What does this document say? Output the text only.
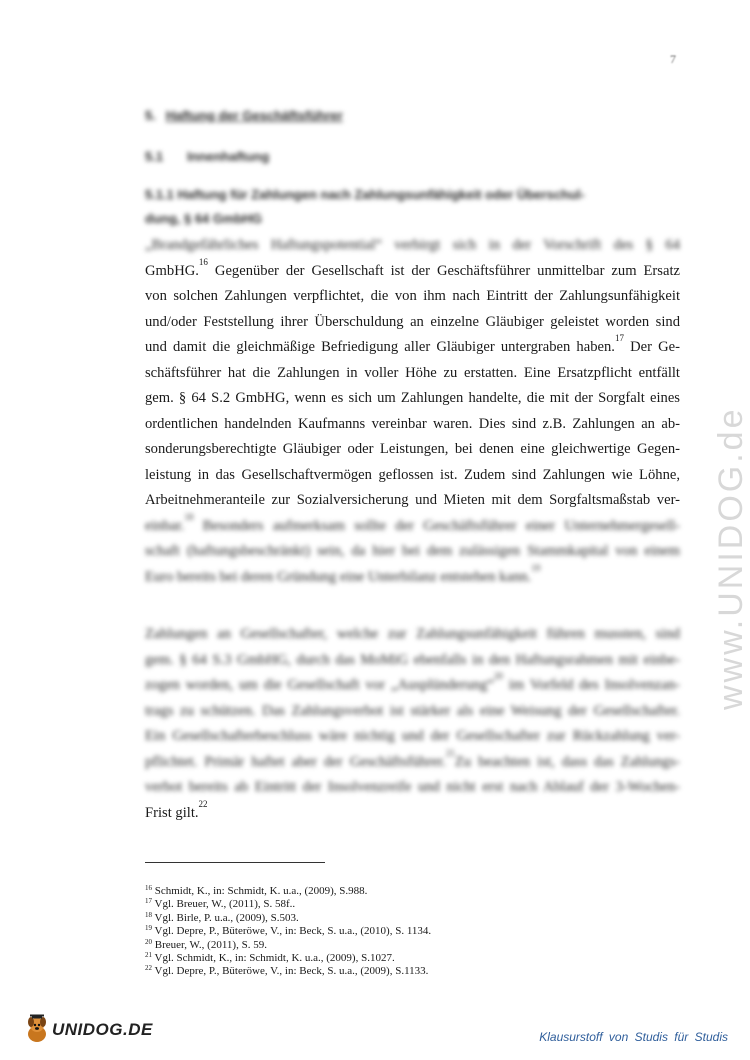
7
www.UNIDOG.de
5. Haftung der Geschäftsführer
5.1 Innenhaftung
5.1.1 Haftung für Zahlungen nach Zahlungsunfähigkeit oder Überschul-
dung, § 64 GmbHG
„Brandgefährliches Haftungspotential“ verbirgt sich in der Vorschrift des § 64
GmbHG.$^{16}$ Gegenüber der Gesellschaft ist der Geschäftsführer unmittelbar zum Ersatz
von solchen Zahlungen verpflichtet, die von ihm nach Eintritt der Zahlungsunfähigkeit
und/oder Feststellung ihrer Überschuldung an einzelne Gläubiger geleistet worden sind
und damit die gleichmäßige Befriedigung aller Gläubiger untergraben haben.$^{17}$ Der Ge-
schäftsführer hat die Zahlungen in voller Höhe zu erstatten. Eine Ersatzpflicht entfällt
gem. § 64 S.2 GmbHG, wenn es sich um Zahlungen handelte, die mit der Sorgfalt eines
ordentlichen handelnden Kaufmanns vereinbar waren. Dies sind z.B. Zahlungen an ab-
sonderungsberechtigte Gläubiger oder Leistungen, bei denen eine gleichwertige Gegen-
leistung in das Gesellschaftvermögen geflossen ist. Zudem sind Zahlungen wie Löhne,
Arbeitnehmeranteile zur Sozialversicherung und Mieten mit dem Sorgfaltsmaßstab ver-
einbar.$^{18}$ Besonders aufmerksam sollte der Geschäftsführer einer Unternehmergesell-
schaft (haftungsbeschränkt) sein, da hier bei dem zulässigen Stammkapital von einem
Euro bereits bei deren Gründung eine Unterbilanz entstehen kann.$^{19}$
Zahlungen an Gesellschafter, welche zur Zahlungsunfähigkeit führen mussten, sind
gem. § 64 S.3 GmbHG, durch das MoMiG ebenfalls in den Haftungsrahmen mit einbe-
zogen worden, um die Gesellschaft vor „Ausplünderung“$^{20}$ im Vorfeld des Insolvenzan-
trags zu schützen. Das Zahlungsverbot ist stärker als eine Weisung der Gesellschafter.
Ein Gesellschafterbeschluss wäre nichtig und der Gesellschafter zur Rückzahlung ver-
pflichtet. Primär haftet aber der Geschäftsführer.$^{21}$Zu beachten ist, dass das Zahlungs-
verbot bereits ab Eintritt der Insolvenzreife und nicht erst nach Ablauf der 3-Wochen-
Frist gilt.$^{22}$
$^{16}$ Schmidt, K., in: Schmidt, K. u.a., (2009), S.988.
$^{17}$ Vgl. Breuer, W., (2011), S. 58f..
$^{18}$ Vgl. Birle, P. u.a., (2009), S.503.
$^{19}$ Vgl. Depre, P., Büteröwe, V., in: Beck, S. u.a., (2010), S. 1134.
$^{20}$ Breuer, W., (2011), S. 59.
$^{21}$ Vgl. Schmidt, K., in: Schmidt, K. u.a., (2009), S.1027.
$^{22}$ Vgl. Depre, P., Büteröwe, V., in: Beck, S. u.a., (2009), S.1133.
UNIDOG.DE	Klausurstoff von Studis für Studis
